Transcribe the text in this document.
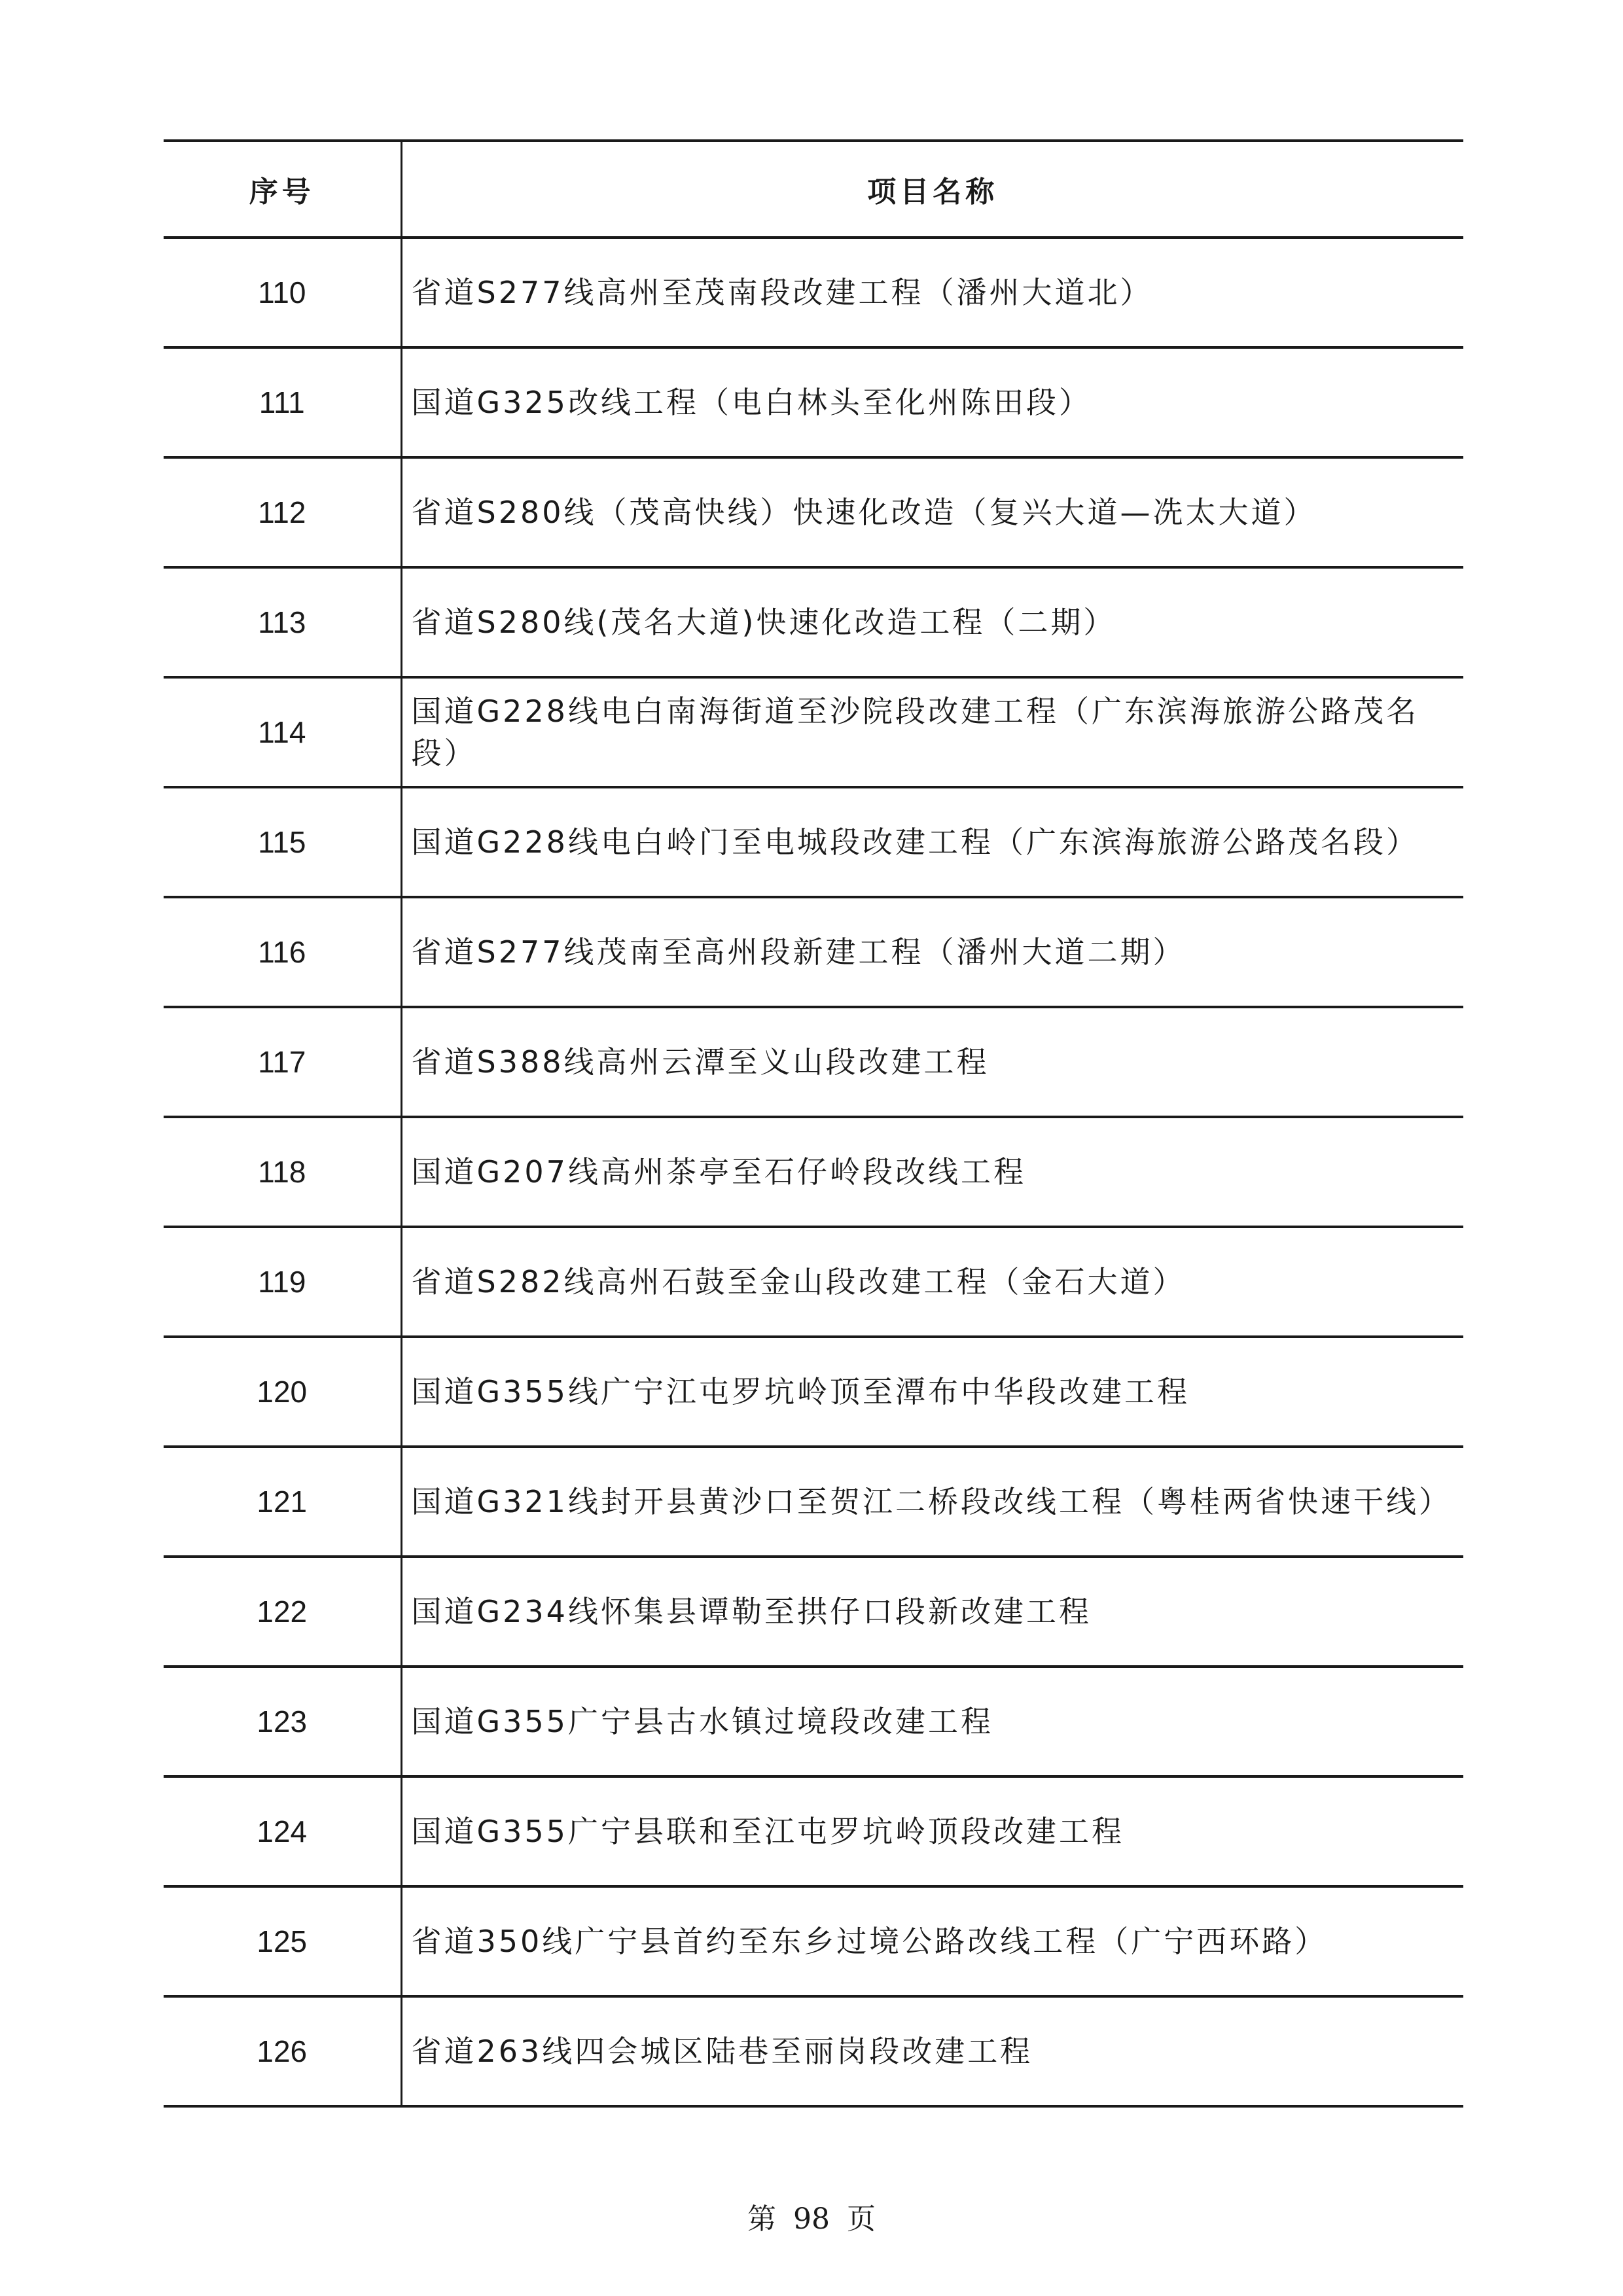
序号	项目名称
110	省道S277线高州至茂南段改建工程（潘州大道北）
111	国道G325改线工程（电白林头至化州陈田段）
112	省道S280线（茂高快线）快速化改造（复兴大道—冼太大道）
113	省道S280线(茂名大道)快速化改造工程（二期）
114	国道G228线电白南海街道至沙院段改建工程（广东滨海旅游公路茂名段）
115	国道G228线电白岭门至电城段改建工程（广东滨海旅游公路茂名段）
116	省道S277线茂南至高州段新建工程（潘州大道二期）
117	省道S388线高州云潭至义山段改建工程
118	国道G207线高州茶亭至石仔岭段改线工程
119	省道S282线高州石鼓至金山段改建工程（金石大道）
120	国道G355线广宁江屯罗坑岭顶至潭布中华段改建工程
121	国道G321线封开县黄沙口至贺江二桥段改线工程（粤桂两省快速干线）
122	国道G234线怀集县谭勒至拱仔口段新改建工程
123	国道G355广宁县古水镇过境段改建工程
124	国道G355广宁县联和至江屯罗坑岭顶段改建工程
125	省道350线广宁县首约至东乡过境公路改线工程（广宁西环路）
126	省道263线四会城区陆巷至丽岗段改建工程
第 98 页
